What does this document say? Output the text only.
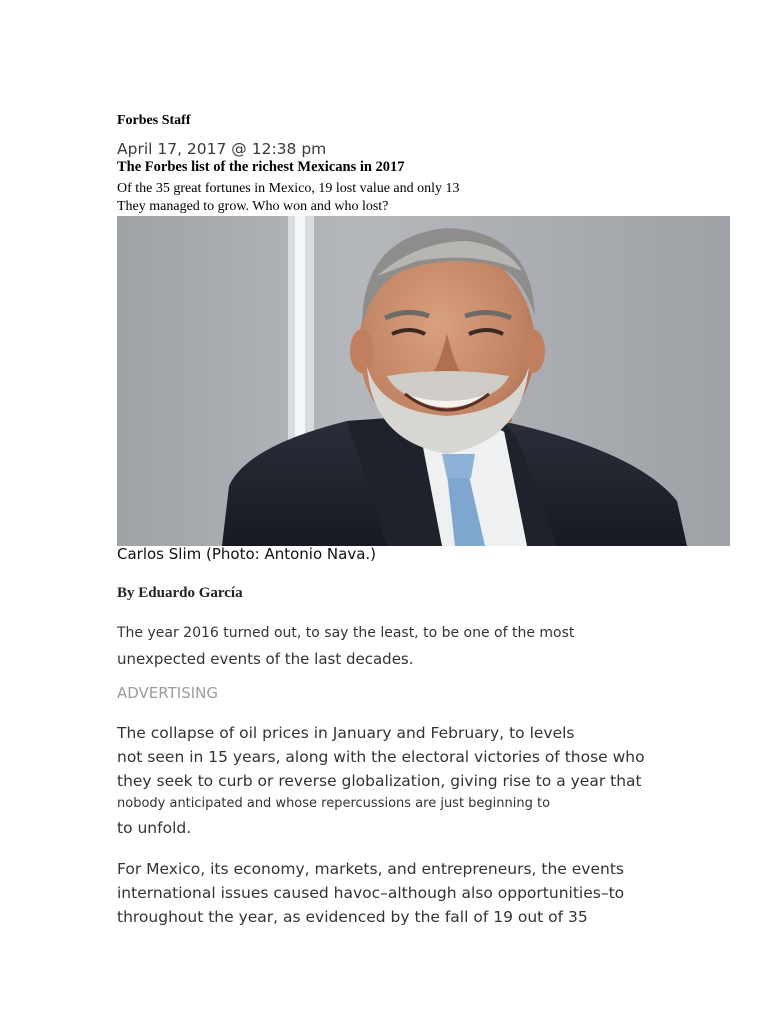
Forbes Staff
April 17, 2017 @ 12:38 pm
The Forbes list of the richest Mexicans in 2017
Of the 35 great fortunes in Mexico, 19 lost value and only 13
They managed to grow. Who won and who lost?
Carlos Slim (Photo: Antonio Nava.)
By Eduardo García
The year 2016 turned out, to say the least, to be one of the most
unexpected events of the last decades.
ADVERTISING
The collapse of oil prices in January and February, to levels
not seen in 15 years, along with the electoral victories of those who
they seek to curb or reverse globalization, giving rise to a year that
nobody anticipated and whose repercussions are just beginning to
to unfold.
For Mexico, its economy, markets, and entrepreneurs, the events
international issues caused havoc–although also opportunities–to
throughout the year, as evidenced by the fall of 19 out of 35
